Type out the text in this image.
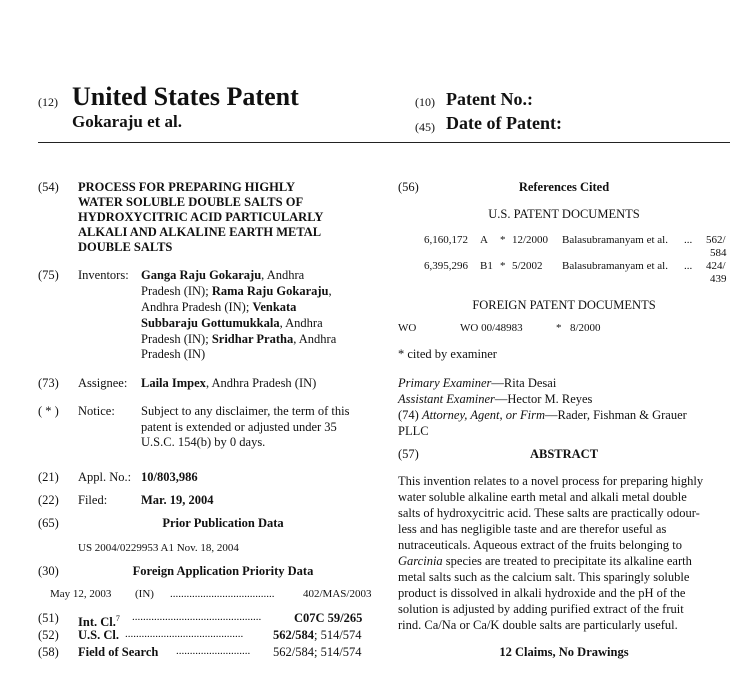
(12) United States Patent
Gokaraju et al.
(10) Patent No.:
(45) Date of Patent:
(54) PROCESS FOR PREPARING HIGHLY
WATER SOLUBLE DOUBLE SALTS OF
HYDROXYCITRIC ACID PARTICULARLY
ALKALI AND ALKALINE EARTH METAL
DOUBLE SALTS
(75) Inventors: Ganga Raju Gokaraju, Andhra
Pradesh (IN); Rama Raju Gokaraju,
Andhra Pradesh (IN); Venkata
Subbaraju Gottumukkala, Andhra
Pradesh (IN); Sridhar Pratha, Andhra
Pradesh (IN)
(73) Assignee: Laila Impex, Andhra Pradesh (IN)
( * ) Notice: Subject to any disclaimer, the term of this
patent is extended or adjusted under 35
U.S.C. 154(b) by 0 days.
(21) Appl. No.: 10/803,986
(22) Filed:	Mar. 19, 2004
(65)	Prior Publication Data
US 2004/0229953 A1 Nov. 18, 2004
(30)	Foreign Application Priority Data
May 12, 2003 (IN) ......................................	402/MAS/2003
(51) Int. Cl.$^7$ ...............................................	C07C 59/265
(52) U.S. Cl. ........................................... 562/584; 514/574
(58) Field of Search ........................... 562/584; 514/574
(56)	References Cited
U.S. PATENT DOCUMENTS
6,160,172 A * 12/2000 Balasubramanyam et al. ... 562/
584
6,395,296 B1 * 5/2002 Balasubramanyam et al. ... 424/
439
FOREIGN PATENT DOCUMENTS
WO	WO 00/48983	* 8/2000
* cited by examiner
Primary Examiner—Rita Desai
Assistant Examiner—Hector M. Reyes
(74) Attorney, Agent, or Firm—Rader, Fishman & Grauer
PLLC
(57)	ABSTRACT
This invention relates to a novel process for preparing highly
water soluble alkaline earth metal and alkali metal double
salts of hydroxycitric acid. These salts are practically odour-
less and has negligible taste and are therefor useful as
nutraceuticals. Aqueous extract of the fruits belonging to
Garcinia species are treated to precipitate its alkaline earth
metal salts such as the calcium salt. This sparingly soluble
product is dissolved in alkali hydroxide and the pH of the
solution is adjusted by adding purified extract of the fruit
rind. Ca/Na or Ca/K double salts are particularly useful.
12 Claims, No Drawings
